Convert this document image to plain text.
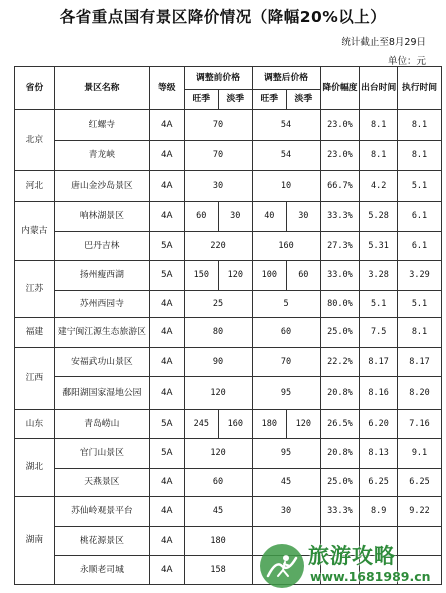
各省重点国有景区降价情况（降幅20%以上）
统计截止至8月29日
单位：元
省份	景区名称	等级	调整前价格		调整后价格		降价幅度	出台时间	执行时间
			旺季	淡季	旺季	淡季			
北京	红螺寺	4A	70		54		23.0%	8.1	8.1
	青龙峡	4A	70		54		23.0%	8.1	8.1
河北	唐山金沙岛景区	4A	30		10		66.7%	4.2	5.1
内蒙古	响林湖景区	4A	60	30	40	30	33.3%	5.28	6.1
	巴丹吉林	5A	220		160		27.3%	5.31	6.1
江苏	扬州瘦西湖	5A	150	120	100	60	33.0%	3.28	3.29
	苏州西园寺	4A	25		5		80.0%	5.1	5.1
福建	建宁闽江源生态旅游区	4A	80		60		25.0%	7.5	8.1
江西	安福武功山景区	4A	90		70		22.2%	8.17	8.17
	鄱阳湖国家湿地公园	4A	120		95		20.8%	8.16	8.20
山东	青岛崂山	5A	245	160	180	120	26.5%	6.20	7.16
湖北	官门山景区	5A	120		95		20.8%	8.13	9.1
	天燕景区	4A	60		45		25.0%	6.25	6.25
湖南	苏仙岭观景平台	4A	45		30		33.3%	8.9	9.22
	桃花源景区	4A	180						
	永顺老司城	4A	158						
旅游攻略
www.1681989.cn
